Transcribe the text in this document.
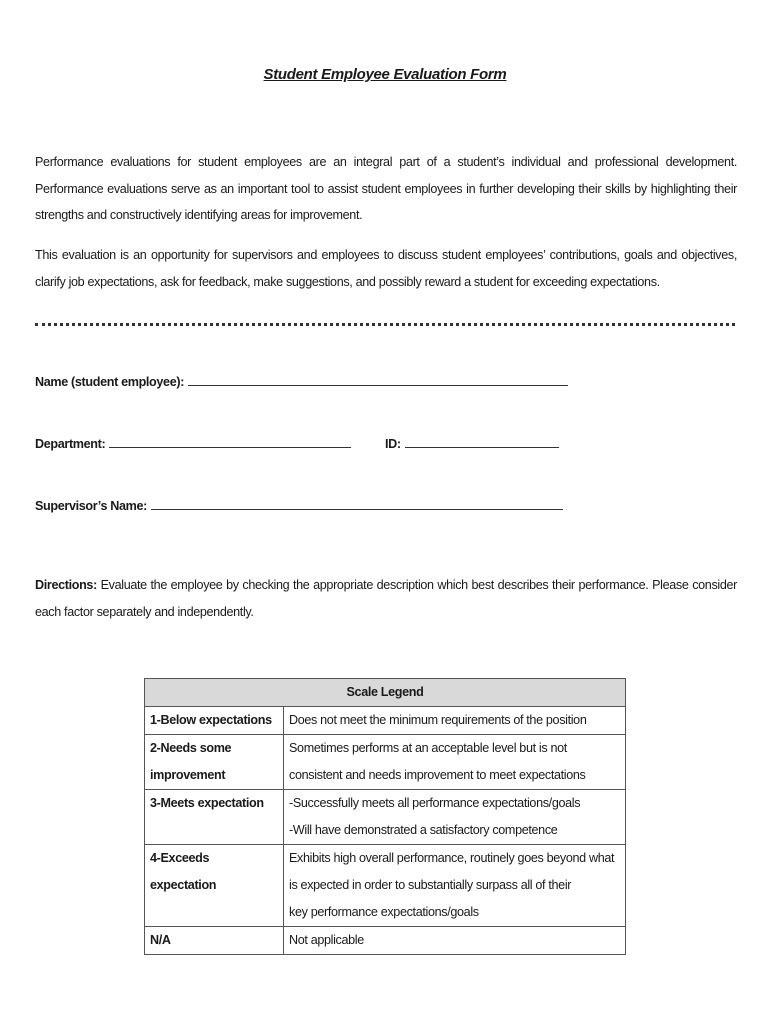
Student Employee Evaluation Form

Performance evaluations for student employees are an integral part of a student’s individual and professional development. Performance evaluations serve as an important tool to assist student employees in further developing their skills by highlighting their strengths and constructively identifying areas for improvement.

This evaluation is an opportunity for supervisors and employees to discuss student employees’ contributions, goals and objectives, clarify job expectations, ask for feedback, make suggestions, and possibly reward a student for exceeding expectations.

Name (student employee):
Department:	ID:
Supervisor’s Name:

Directions: Evaluate the employee by checking the appropriate description which best describes their performance. Please consider each factor separately and independently.

Scale Legend	
1-Below expectations	Does not meet the minimum requirements of the position

2-Needs some improvement	Sometimes performs at an acceptable level but is not consistent and needs improvement to meet expectations

3-Meets expectation	-Successfully meets all performance expectations/goals
-Will have demonstrated a satisfactory competence

4-Exceeds expectation	Exhibits high overall performance, routinely goes beyond what is expected in order to substantially surpass all of their
key performance expectations/goals

N/A	Not applicable
